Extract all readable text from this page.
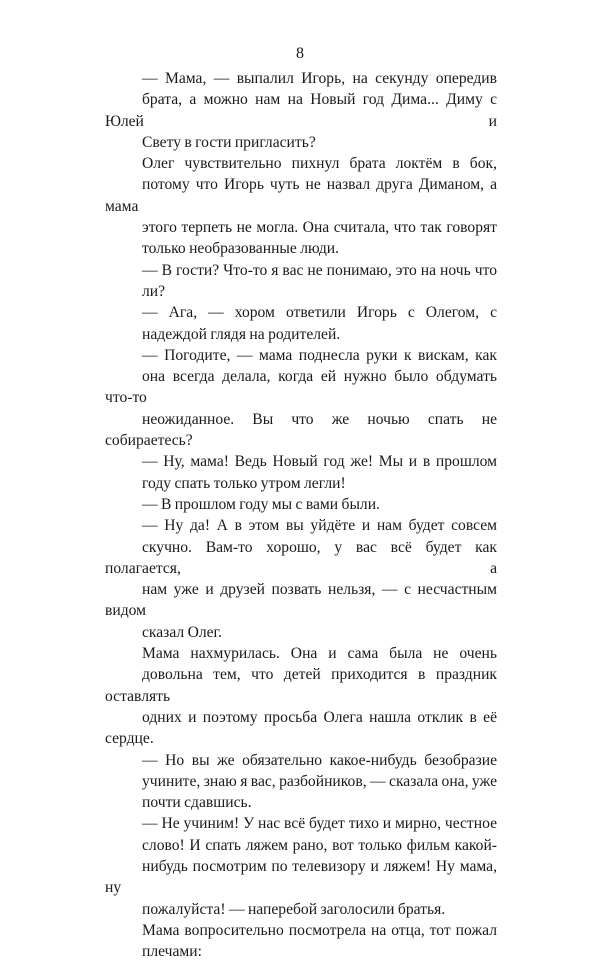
8

— Мама, — выпалил Игорь, на секунду опередив
брата, а можно нам на Новый год Дима... Диму с Юлей и
Свету в гости пригласить?

Олег чувствительно пихнул брата локтём в бок,
потому что Игорь чуть не назвал друга Диманом, а мама
этого терпеть не могла. Она считала, что так говорят
только необразованные люди.

— В гости? Что-то я вас не понимаю, это на ночь что
ли?

— Ага, — хором ответили Игорь с Олегом, с
надеждой глядя на родителей.

— Погодите, — мама поднесла руки к вискам, как
она всегда делала, когда ей нужно было обдумать что-то
неожиданное. Вы что же ночью спать не собираетесь?

— Ну, мама! Ведь Новый год же! Мы и в прошлом
году спать только утром легли!

— В прошлом году мы с вами были.

— Ну да! А в этом вы уйдёте и нам будет совсем
скучно. Вам-то хорошо, у вас всё будет как полагается, а
нам уже и друзей позвать нельзя, — с несчастным видом
сказал Олег.

Мама нахмурилась. Она и сама была не очень
довольна тем, что детей приходится в праздник оставлять
одних и поэтому просьба Олега нашла отклик в её сердце.

— Но вы же обязательно какое-нибудь безобразие
учините, знаю я вас, разбойников, — сказала она, уже
почти сдавшись.

— Не учиним! У нас всё будет тихо и мирно, честное
слово! И спать ляжем рано, вот только фильм какой-
нибудь посмотрим по телевизору и ляжем! Ну мама, ну
пожалуйста! — наперебой заголосили братья.

Мама вопросительно посмотрела на отца, тот пожал
плечами:
